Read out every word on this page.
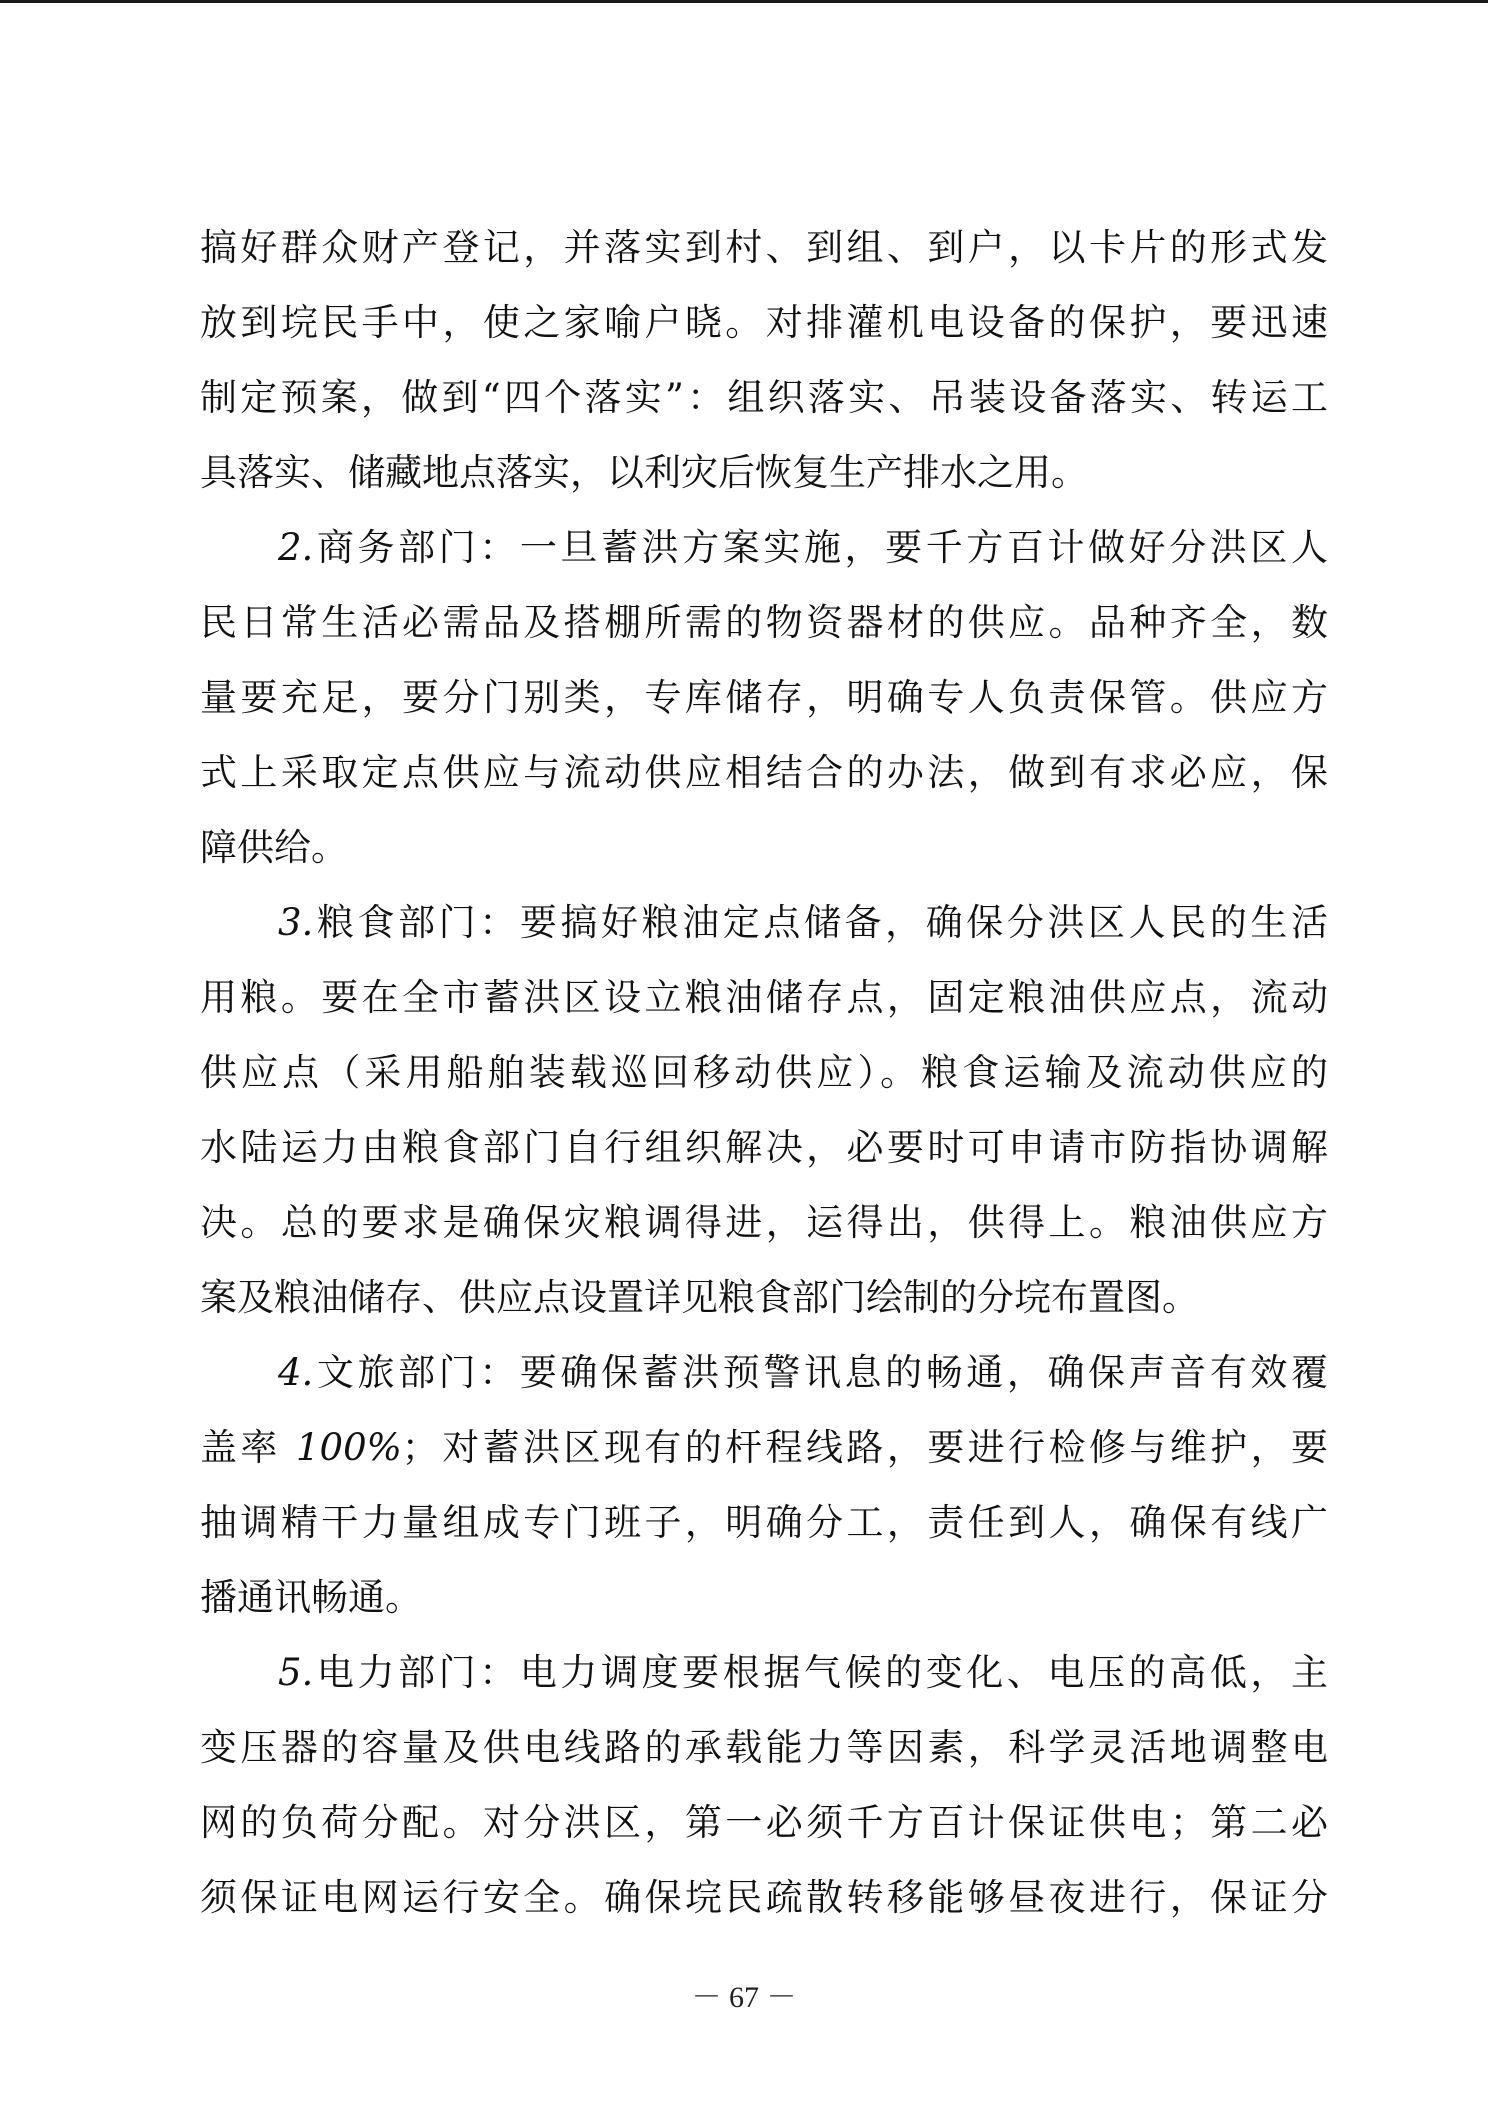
搞好群众财产登记，并落实到村、到组、到户，以卡片的形式发
放到垸民手中，使之家喻户晓。对排灌机电设备的保护，要迅速
制定预案，做到“四个落实”：组织落实、吊装设备落实、转运工
具落实、储藏地点落实，以利灾后恢复生产排水之用。
2.商务部门：一旦蓄洪方案实施，要千方百计做好分洪区人
民日常生活必需品及搭棚所需的物资器材的供应。品种齐全，数
量要充足，要分门别类，专库储存，明确专人负责保管。供应方
式上采取定点供应与流动供应相结合的办法，做到有求必应，保
障供给。
3.粮食部门：要搞好粮油定点储备，确保分洪区人民的生活
用粮。要在全市蓄洪区设立粮油储存点，固定粮油供应点，流动
供应点（采用船舶装载巡回移动供应）。粮食运输及流动供应的
水陆运力由粮食部门自行组织解决，必要时可申请市防指协调解
决。总的要求是确保灾粮调得进，运得出，供得上。粮油供应方
案及粮油储存、供应点设置详见粮食部门绘制的分垸布置图。
4.文旅部门：要确保蓄洪预警讯息的畅通，确保声音有效覆
盖率 100%；对蓄洪区现有的杆程线路，要进行检修与维护，要
抽调精干力量组成专门班子，明确分工，责任到人，确保有线广
播通讯畅通。
5.电力部门：电力调度要根据气候的变化、电压的高低，主
变压器的容量及供电线路的承载能力等因素，科学灵活地调整电
网的负荷分配。对分洪区，第一必须千方百计保证供电；第二必
须保证电网运行安全。确保垸民疏散转移能够昼夜进行，保证分
－ 67 －
